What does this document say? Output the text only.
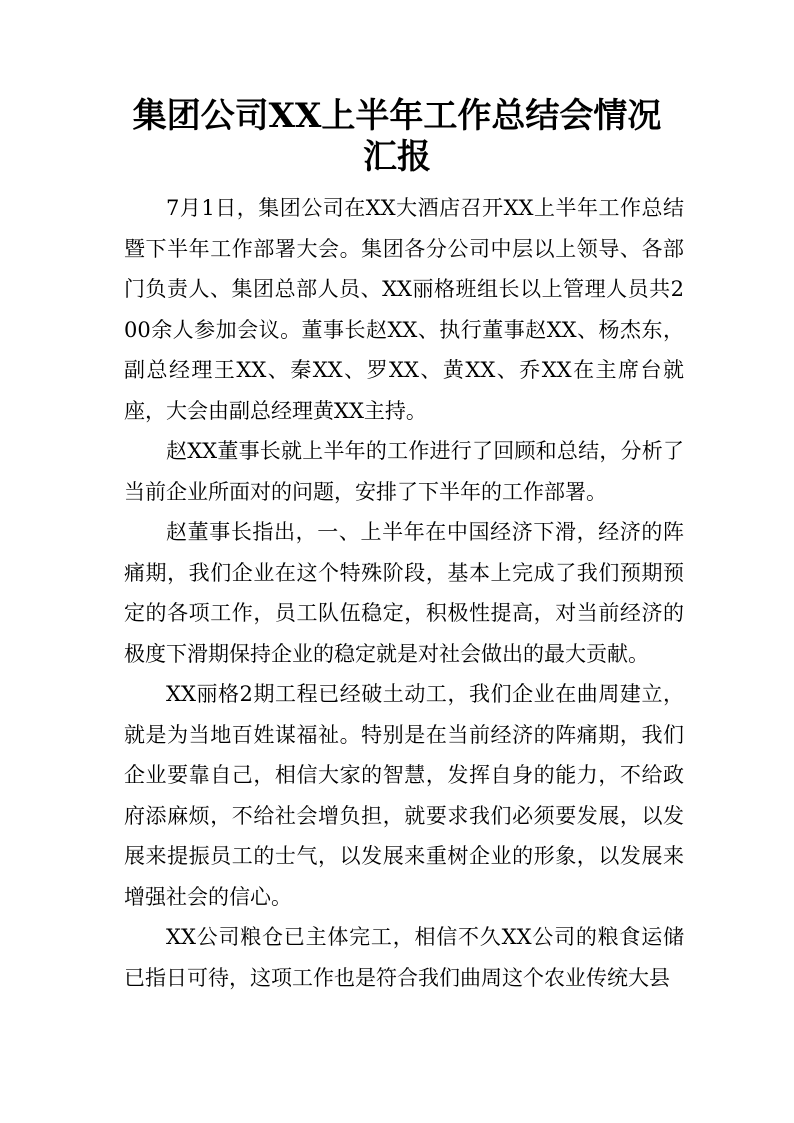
集团公司XX上半年工作总结会情况汇报

7月1日，集团公司在XX大酒店召开XX上半年工作总结暨下半年工作部署大会。集团各分公司中层以上领导、各部门负责人、集团总部人员、XX丽格班组长以上管理人员共200余人参加会议。董事长赵XX、执行董事赵XX、杨杰东，副总经理王XX、秦XX、罗XX、黄XX、乔XX在主席台就座，大会由副总经理黄XX主持。

赵XX董事长就上半年的工作进行了回顾和总结，分析了当前企业所面对的问题，安排了下半年的工作部署。

赵董事长指出，一、上半年在中国经济下滑，经济的阵痛期，我们企业在这个特殊阶段，基本上完成了我们预期预定的各项工作，员工队伍稳定，积极性提高，对当前经济的极度下滑期保持企业的稳定就是对社会做出的最大贡献。

XX丽格2期工程已经破土动工，我们企业在曲周建立，就是为当地百姓谋福祉。特别是在当前经济的阵痛期，我们企业要靠自己，相信大家的智慧，发挥自身的能力，不给政府添麻烦，不给社会增负担，就要求我们必须要发展，以发展来提振员工的士气，以发展来重树企业的形象，以发展来增强社会的信心。

XX公司粮仓已主体完工，相信不久XX公司的粮食运储已指日可待，这项工作也是符合我们曲周这个农业传统大县
